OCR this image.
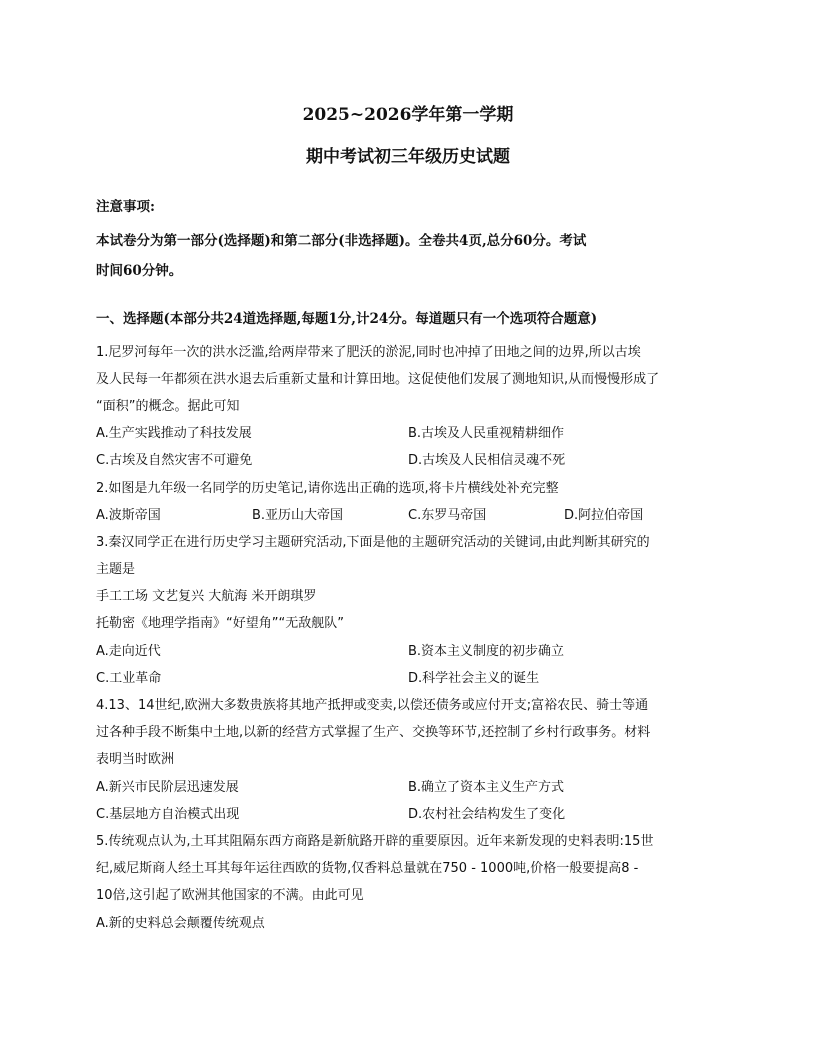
2025~2026学年第一学期
期中考试初三年级历史试题
注意事项:
本试卷分为第一部分(选择题)和第二部分(非选择题)。全卷共4页,总分60分。考试
时间60分钟。
一、选择题(本部分共24道选择题,每题1分,计24分。每道题只有一个选项符合题意)
1.尼罗河每年一次的洪水泛滥,给两岸带来了肥沃的淤泥,同时也冲掉了田地之间的边界,所以古埃
及人民每一年都须在洪水退去后重新丈量和计算田地。这促使他们发展了测地知识,从而慢慢形成了
“面积”的概念。据此可知
A.生产实践推动了科技发展	B.古埃及人民重视精耕细作
C.古埃及自然灾害不可避免	D.古埃及人民相信灵魂不死
2.如图是九年级一名同学的历史笔记,请你选出正确的选项,将卡片横线处补充完整
A.波斯帝国	B.亚历山大帝国	C.东罗马帝国	D.阿拉伯帝国
3.秦汉同学正在进行历史学习主题研究活动,下面是他的主题研究活动的关键词,由此判断其研究的
主题是
手工工场 文艺复兴 大航海 米开朗琪罗
托勒密《地理学指南》“好望角”“无敌舰队”
A.走向近代	B.资本主义制度的初步确立
C.工业革命	D.科学社会主义的诞生
4.13、14世纪,欧洲大多数贵族将其地产抵押或变卖,以偿还债务或应付开支;富裕农民、骑士等通
过各种手段不断集中土地,以新的经营方式掌握了生产、交换等环节,还控制了乡村行政事务。材料
表明当时欧洲
A.新兴市民阶层迅速发展	B.确立了资本主义生产方式
C.基层地方自治模式出现	D.农村社会结构发生了变化
5.传统观点认为,土耳其阻隔东西方商路是新航路开辟的重要原因。近年来新发现的史料表明:15世
纪,威尼斯商人经土耳其每年运往西欧的货物,仅香料总量就在750 - 1000吨,价格一般要提高8 -
10倍,这引起了欧洲其他国家的不满。由此可见
A.新的史料总会颠覆传统观点
